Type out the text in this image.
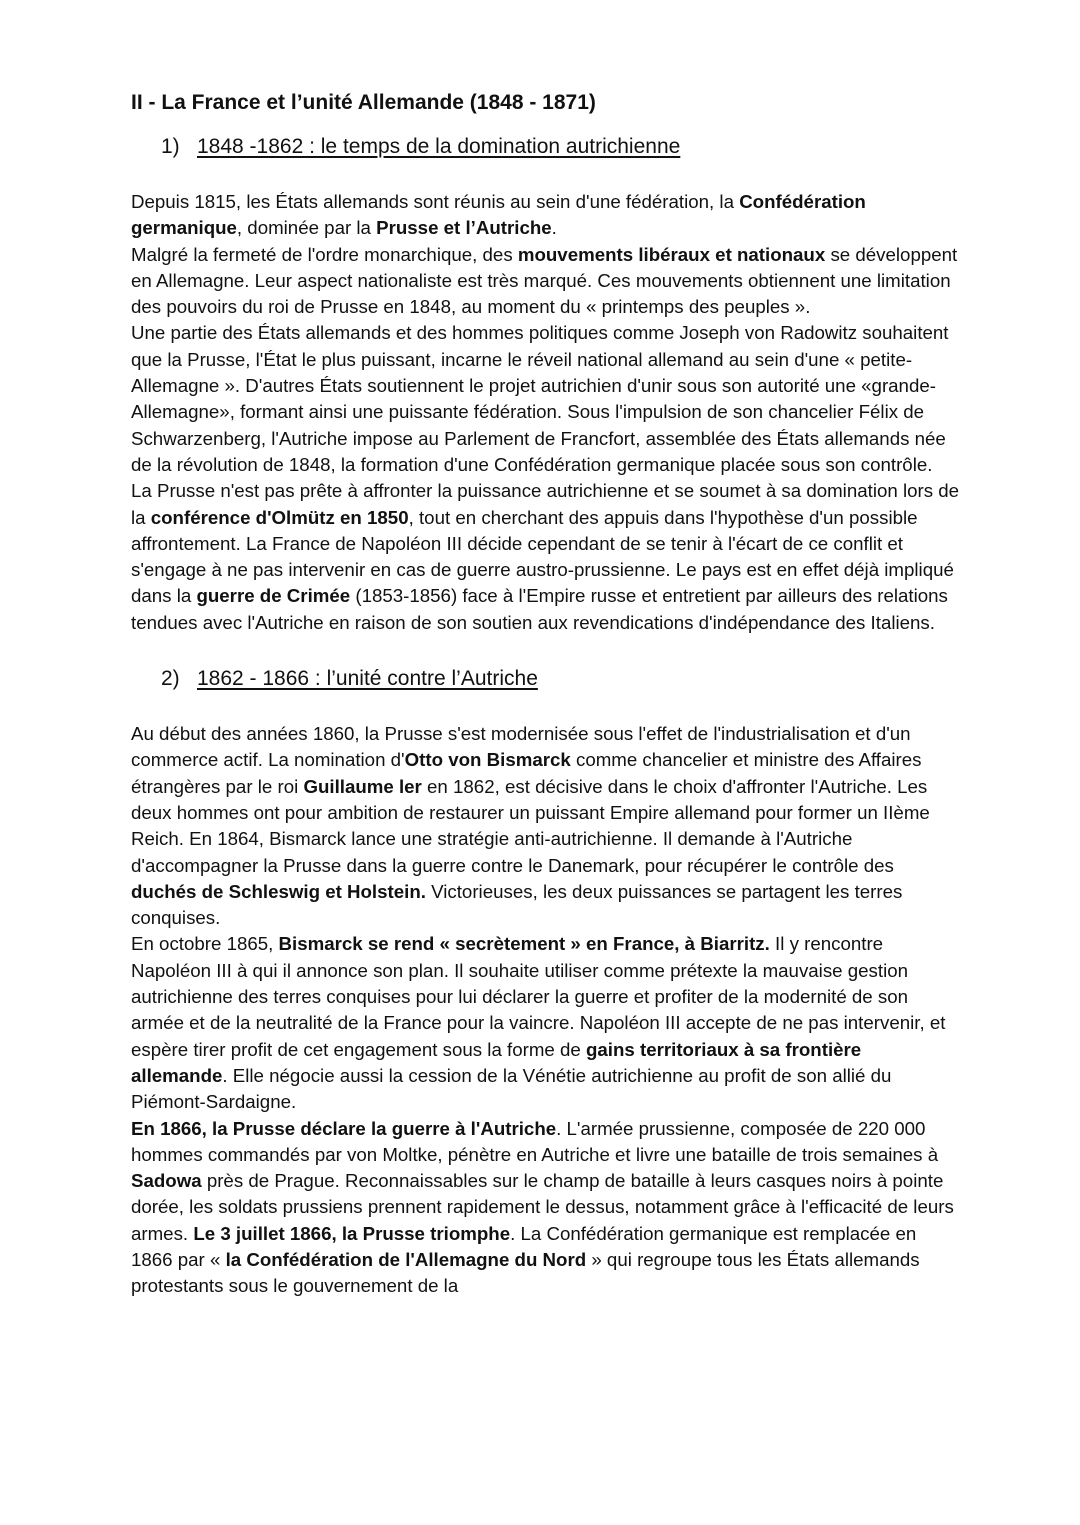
II - La France et l’unité Allemande (1848 - 1871)
1) 1848 -1862 : le temps de la domination autrichienne

Depuis 1815, les États allemands sont réunis au sein d'une fédération, la Confédération germanique, dominée par la Prusse et l’Autriche.

Malgré la fermeté de l'ordre monarchique, des mouvements libéraux et nationaux se développent en Allemagne. Leur aspect nationaliste est très marqué. Ces mouvements obtiennent une limitation des pouvoirs du roi de Prusse en 1848, au moment du « printemps des peuples ».

Une partie des États allemands et des hommes politiques comme Joseph von Radowitz souhaitent que la Prusse, l'État le plus puissant, incarne le réveil national allemand au sein d'une « petite-Allemagne ». D'autres États soutiennent le projet autrichien d'unir sous son autorité une «grande-Allemagne», formant ainsi une puissante fédération. Sous l'impulsion de son chancelier Félix de Schwarzenberg, l'Autriche impose au Parlement de Francfort, assemblée des États allemands née de la révolution de 1848, la formation d'une Confédération germanique placée sous son contrôle.

La Prusse n'est pas prête à affronter la puissance autrichienne et se soumet à sa domination lors de la conférence d'Olmütz en 1850, tout en cherchant des appuis dans l'hypothèse d'un possible affrontement. La France de Napoléon III décide cependant de se tenir à l'écart de ce conflit et s'engage à ne pas intervenir en cas de guerre austro-prussienne. Le pays est en effet déjà impliqué dans la guerre de Crimée (1853-1856) face à l'Empire russe et entretient par ailleurs des relations tendues avec l'Autriche en raison de son soutien aux revendications d'indépendance des Italiens.

2) 1862 - 1866 : l’unité contre l’Autriche

Au début des années 1860, la Prusse s'est modernisée sous l'effet de l'industrialisation et d'un commerce actif. La nomination d'Otto von Bismarck comme chancelier et ministre des Affaires étrangères par le roi Guillaume ler en 1862, est décisive dans le choix d'affronter l'Autriche. Les deux hommes ont pour ambition de restaurer un puissant Empire allemand pour former un IIème Reich. En 1864, Bismarck lance une stratégie anti-autrichienne. Il demande à l'Autriche d'accompagner la Prusse dans la guerre contre le Danemark, pour récupérer le contrôle des duchés de Schleswig et Holstein. Victorieuses, les deux puissances se partagent les terres conquises.

En octobre 1865, Bismarck se rend « secrètement » en France, à Biarritz. Il y rencontre Napoléon III à qui il annonce son plan. Il souhaite utiliser comme prétexte la mauvaise gestion autrichienne des terres conquises pour lui déclarer la guerre et profiter de la modernité de son armée et de la neutralité de la France pour la vaincre. Napoléon III accepte de ne pas intervenir, et espère tirer profit de cet engagement sous la forme de gains territoriaux à sa frontière allemande. Elle négocie aussi la cession de la Vénétie autrichienne au profit de son allié du Piémont-Sardaigne.

En 1866, la Prusse déclare la guerre à l'Autriche. L'armée prussienne, composée de 220 000 hommes commandés par von Moltke, pénètre en Autriche et livre une bataille de trois semaines à Sadowa près de Prague. Reconnaissables sur le champ de bataille à leurs casques noirs à pointe dorée, les soldats prussiens prennent rapidement le dessus, notamment grâce à l'efficacité de leurs armes. Le 3 juillet 1866, la Prusse triomphe. La Confédération germanique est remplacée en 1866 par « la Confédération de l'Allemagne du Nord » qui regroupe tous les États allemands protestants sous le gouvernement de la
